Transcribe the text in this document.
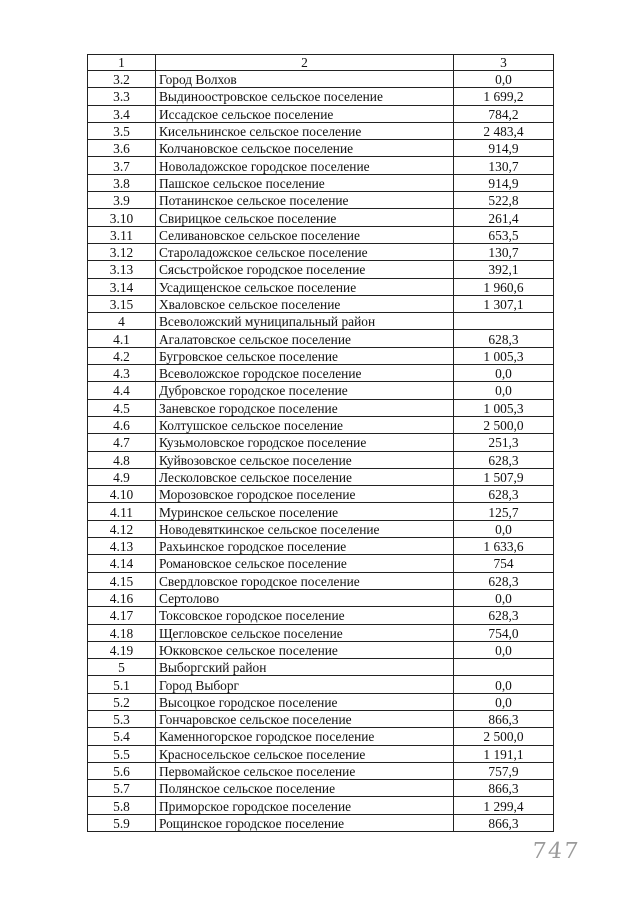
1	2	3
3.2	Город Волхов	0,0
3.3	Выдинооcтровское сельское поселение	1 699,2
3.4	Иссадское сельское поселение	784,2
3.5	Кисельнинское сельское поселение	2 483,4
3.6	Колчановское сельское поселение	914,9
3.7	Новоладожское городское поселение	130,7
3.8	Пашское сельское поселение	914,9
3.9	Потанинское сельское поселение	522,8
3.10	Свирицкое сельское поселение	261,4
3.11	Селивановское сельское поселение	653,5
3.12	Староладожское сельское поселение	130,7
3.13	Сясьстройское городское поселение	392,1
3.14	Усадищенское сельское поселение	1 960,6
3.15	Хваловское сельское поселение	1 307,1
4	Всеволожский муниципальный район	
4.1	Агалатовское сельское поселение	628,3
4.2	Бугровское сельское поселение	1 005,3
4.3	Всеволожское городское поселение	0,0
4.4	Дубровское городское поселение	0,0
4.5	Заневское городское поселение	1 005,3
4.6	Колтушское сельское поселение	2 500,0
4.7	Кузьмоловское городское поселение	251,3
4.8	Куйвозовское сельское поселение	628,3
4.9	Лесколовское сельское поселение	1 507,9
4.10	Морозовское городское поселение	628,3
4.11	Муринское сельское поселение	125,7
4.12	Новодевяткинское сельское поселение	0,0
4.13	Рахьинское городское поселение	1 633,6
4.14	Романовское сельское поселение	754
4.15	Свердловское городское поселение	628,3
4.16	Сертолово	0,0
4.17	Токсовское городское поселение	628,3
4.18	Щегловское сельское поселение	754,0
4.19	Юкковское сельское поселение	0,0
5	Выборгский район	
5.1	Город Выборг	0,0
5.2	Высоцкое городское поселение	0,0
5.3	Гончаровское сельское поселение	866,3
5.4	Каменногорское городское поселение	2 500,0
5.5	Красносельское сельское поселение	1 191,1
5.6	Первомайское сельское поселение	757,9
5.7	Полянское сельское поселение	866,3
5.8	Приморское городское поселение	1 299,4
5.9	Рощинское городское поселение	866,3
747
